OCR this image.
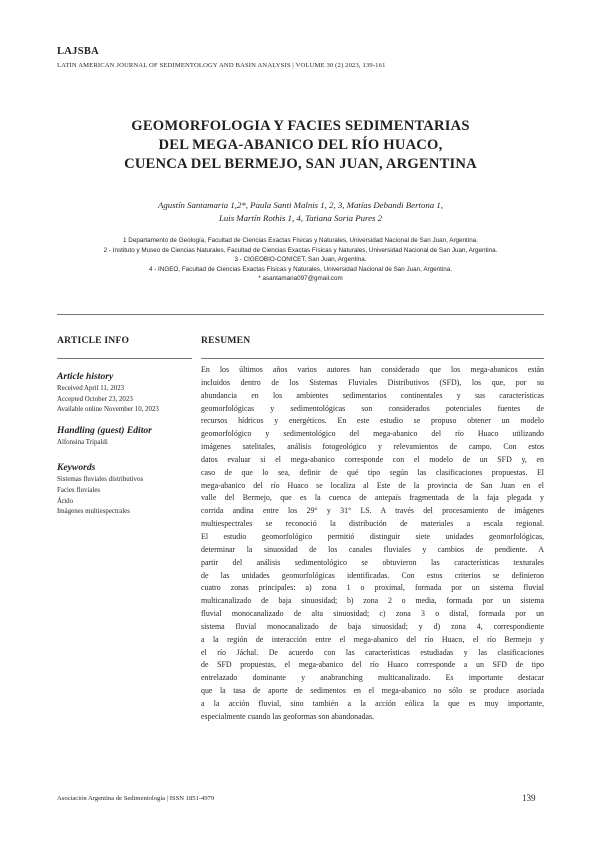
LAJSBA
LATIN AMERICAN JOURNAL OF SEDIMENTOLOGY AND BASIN ANALYSIS | VOLUME 30 (2) 2023, 139-161
GEOMORFOLOGIA Y FACIES SEDIMENTARIAS
DEL MEGA-ABANICO DEL RÍO HUACO,
CUENCA DEL BERMEJO, SAN JUAN, ARGENTINA
Agustín Santamaria 1,2*, Paula Santi Malnis 1, 2, 3, Matías Debandi Bertona 1,
Luis Martín Rothis 1, 4, Tatiana Soria Pures 2
1 Departamento de Geología, Facultad de Ciencias Exactas Físicas y Naturales, Universidad Nacional de San Juan, Argentina.
2 - Instituto y Museo de Ciencias Naturales, Facultad de Ciencias Exactas Físicas y Naturales, Universidad Nacional de San Juan, Argentina.
3 - CIGEOBIO-CONICET, San Juan, Argentina.
4 - INGEO, Facultad de Ciencias Exactas Físicas y Naturales, Universidad Nacional de San Juan, Argentina.
* asantamaria097@gmail.com
ARTICLE INFO
Article history
Received April 11, 2023
Accepted October 23, 2023
Available online November 10, 2023
Handling (guest) Editor
Alfonsina Tripaldi
Keywords
Sistemas fluviales distributivos
Facies fluviales
Árido
Imágenes multiespectrales
RESUMEN
En los últimos años varios autores han considerado que los mega-abanicos están
incluidos dentro de los Sistemas Fluviales Distributivos (SFD), los que, por su
abundancia en los ambientes sedimentarios continentales y sus características
geomorfológicas y sedimentológicas son considerados potenciales fuentes de
recursos hídricos y energéticos. En este estudio se propuso obtener un modelo
geomorfológico y sedimentológico del mega-abanico del río Huaco utilizando
imágenes satelitales, análisis fotogeológico y relevamientos de campo. Con estos
datos evaluar si el mega-abanico corresponde con el modelo de un SFD y, en
caso de que lo sea, definir de qué tipo según las clasificaciones propuestas. El
mega-abanico del río Huaco se localiza al Este de la provincia de San Juan en el
valle del Bermejo, que es la cuenca de antepaís fragmentada de la faja plegada y
corrida andina entre los 29° y 31° LS. A través del procesamiento de imágenes
multiespectrales se reconoció la distribución de materiales a escala regional.
El estudio geomorfológico permitió distinguir siete unidades geomorfológicas,
determinar la sinuosidad de los canales fluviales y cambios de pendiente. A
partir del análisis sedimentológico se obtuvieron las características texturales
de las unidades geomorfológicas identificadas. Con estos criterios se definieron
cuatro zonas principales: a) zona 1 o proximal, formada por un sistema fluvial
multicanalizado de baja sinuosidad; b) zona 2 o media, formada por un sistema
fluvial monocanalizado de alta sinuosidad; c) zona 3 o distal, formada por un
sistema fluvial monocanalizado de baja sinuosidad; y d) zona 4, correspondiente
a la región de interacción entre el mega-abanico del río Huaco, el río Bermejo y
el río Jáchal. De acuerdo con las características estudiadas y las clasificaciones
de SFD propuestas, el mega-abanico del río Huaco corresponde a un SFD de tipo
entrelazado dominante y anabranching multicanalizado. Es importante destacar
que la tasa de aporte de sedimentos en el mega-abanico no sólo se produce asociada
a la acción fluvial, sino también a la acción eólica la que es muy importante,
especialmente cuando las geoformas son abandonadas.
Asociación Argentina de Sedimentología | ISSN 1851-4979	139
